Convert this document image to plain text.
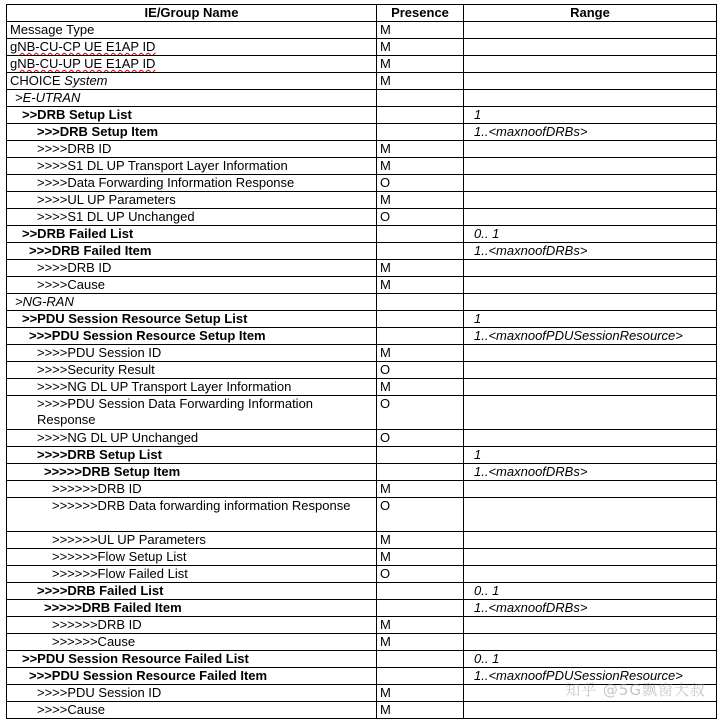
IE/Group Name	Presence	Range
Message Type	M	
gNB-CU-CP UE E1AP ID	M	
gNB-CU-UP UE E1AP ID	M	
CHOICE System	M	
>E-UTRAN		
>>DRB Setup List		1
>>>DRB Setup Item		1..<maxnoofDRBs>
>>>>DRB ID	M	
>>>>S1 DL UP Transport Layer Information	M	
>>>>Data Forwarding Information Response	O	
>>>>UL UP Parameters	M	
>>>>S1 DL UP Unchanged	O	
>>DRB Failed List		0.. 1
>>>DRB Failed Item		1..<maxnoofDRBs>
>>>>DRB ID	M	
>>>>Cause	M	
>NG-RAN		
>>PDU Session Resource Setup List		1
>>>PDU Session Resource Setup Item		1..<maxnoofPDUSessionResource>
>>>>PDU Session ID	M	
>>>>Security Result	O	
>>>>NG DL UP Transport Layer Information	M	

>>>>PDU Session Data Forwarding Information Response	O	
>>>>NG DL UP Unchanged	O	
>>>>DRB Setup List		1
>>>>>DRB Setup Item		1..<maxnoofDRBs>
>>>>>>DRB ID	M	
>>>>>>DRB Data forwarding information Response	O	
>>>>>>UL UP Parameters	M	
>>>>>>Flow Setup List	M	
>>>>>>Flow Failed List	O	
>>>>DRB Failed List		0.. 1
>>>>>DRB Failed Item		1..<maxnoofDRBs>
>>>>>>DRB ID	M	
>>>>>>Cause	M	
>>PDU Session Resource Failed List		0.. 1
>>>PDU Session Resource Failed Item		1..<maxnoofPDUSessionResource>
>>>>PDU Session ID	M	
>>>>Cause	M	
知乎 @5G飘窗大叔
